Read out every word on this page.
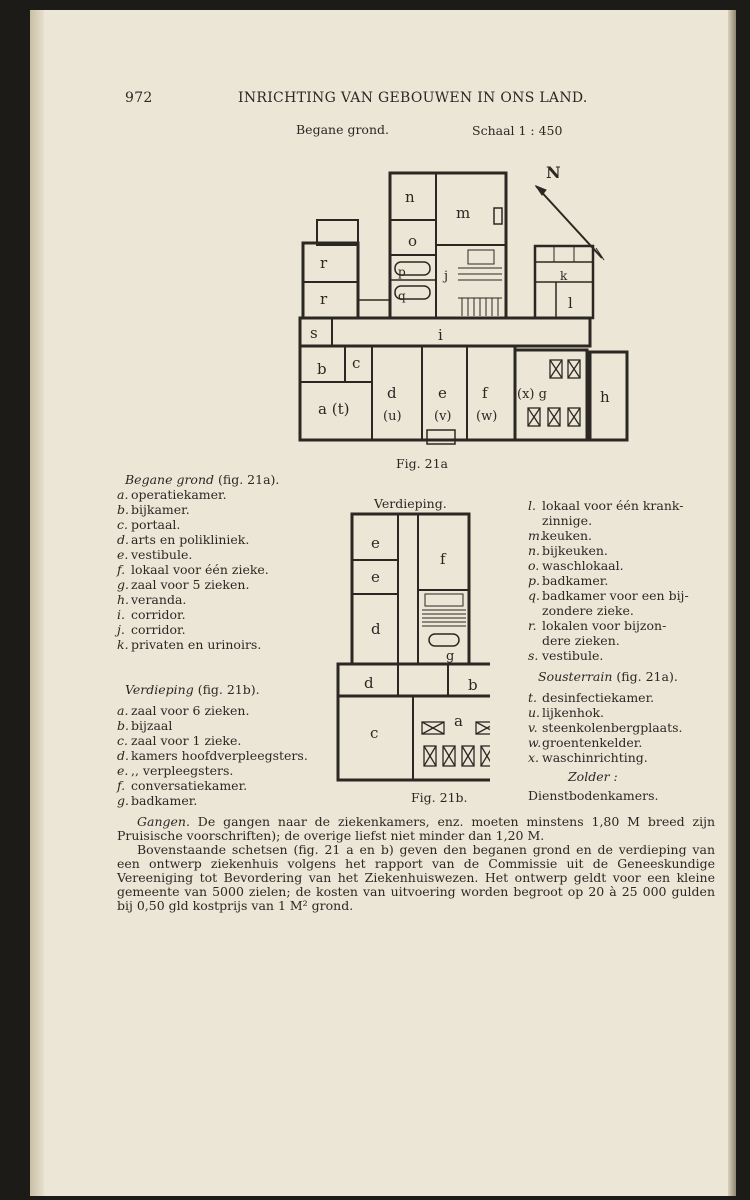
972	INRICHTING VAN GEBOUWEN IN ONS LAND.
Begane grond.	Schaal 1 : 450
N
n
m
o
p
q
j
r
r
k
l
s	i
b c
a (t)
d
(u)
e
(v)
f
(w)
(x) g	h
Fig. 21a
Begane grond (fig. 21a).
a. operatiekamer.
b. bijkamer.
c. portaal.
d. arts en polikliniek.
e. vestibule.
f. lokaal voor één zieke.
g. zaal voor 5 zieken.
h. veranda.
i. corridor.
j. corridor.
k. privaten en urinoirs.
Verdieping (fig. 21b).
a. zaal voor 6 zieken.
b. bijzaal
c. zaal voor 1 zieke.
d. kamers hoofdverpleegsters.
e. ,, verpleegsters.
f. conversatiekamer.
g. badkamer.
Verdieping.
e
e
d
f
g
d	b
c
a
Fig. 21b.
l. lokaal voor één krank-
zinnige.
m.keuken.
n. bijkeuken.
o. waschlokaal.
p. badkamer.
q. badkamer voor een bij-
zondere zieke.
r. lokalen voor bijzon-
dere zieken.
s. vestibule.
Sousterrain (fig. 21a).
t. desinfectiekamer.
u. lijkenhok.
v. steenkolenbergplaats.
w.groentenkelder.
x. waschinrichting.
Zolder :
Dienstbodenkamers.

Gangen. De gangen naar de ziekenkamers, enz. moeten minstens 1,80 M breed zijn Pruisische voorschriften); de overige liefst niet minder dan 1,20 M.

Bovenstaande schetsen (fig. 21 a en b) geven den beganen grond en de verdieping van een ontwerp ziekenhuis volgens het rapport van de Commissie uit de Geneeskundige Vereeniging tot Bevordering van het Ziekenhuiswezen. Het ontwerp geldt voor een kleine gemeente van 5000 zielen; de kosten van uitvoering worden begroot op 20 à 25 000 gulden bij 0,50 gld kostprijs van 1 M² grond.
